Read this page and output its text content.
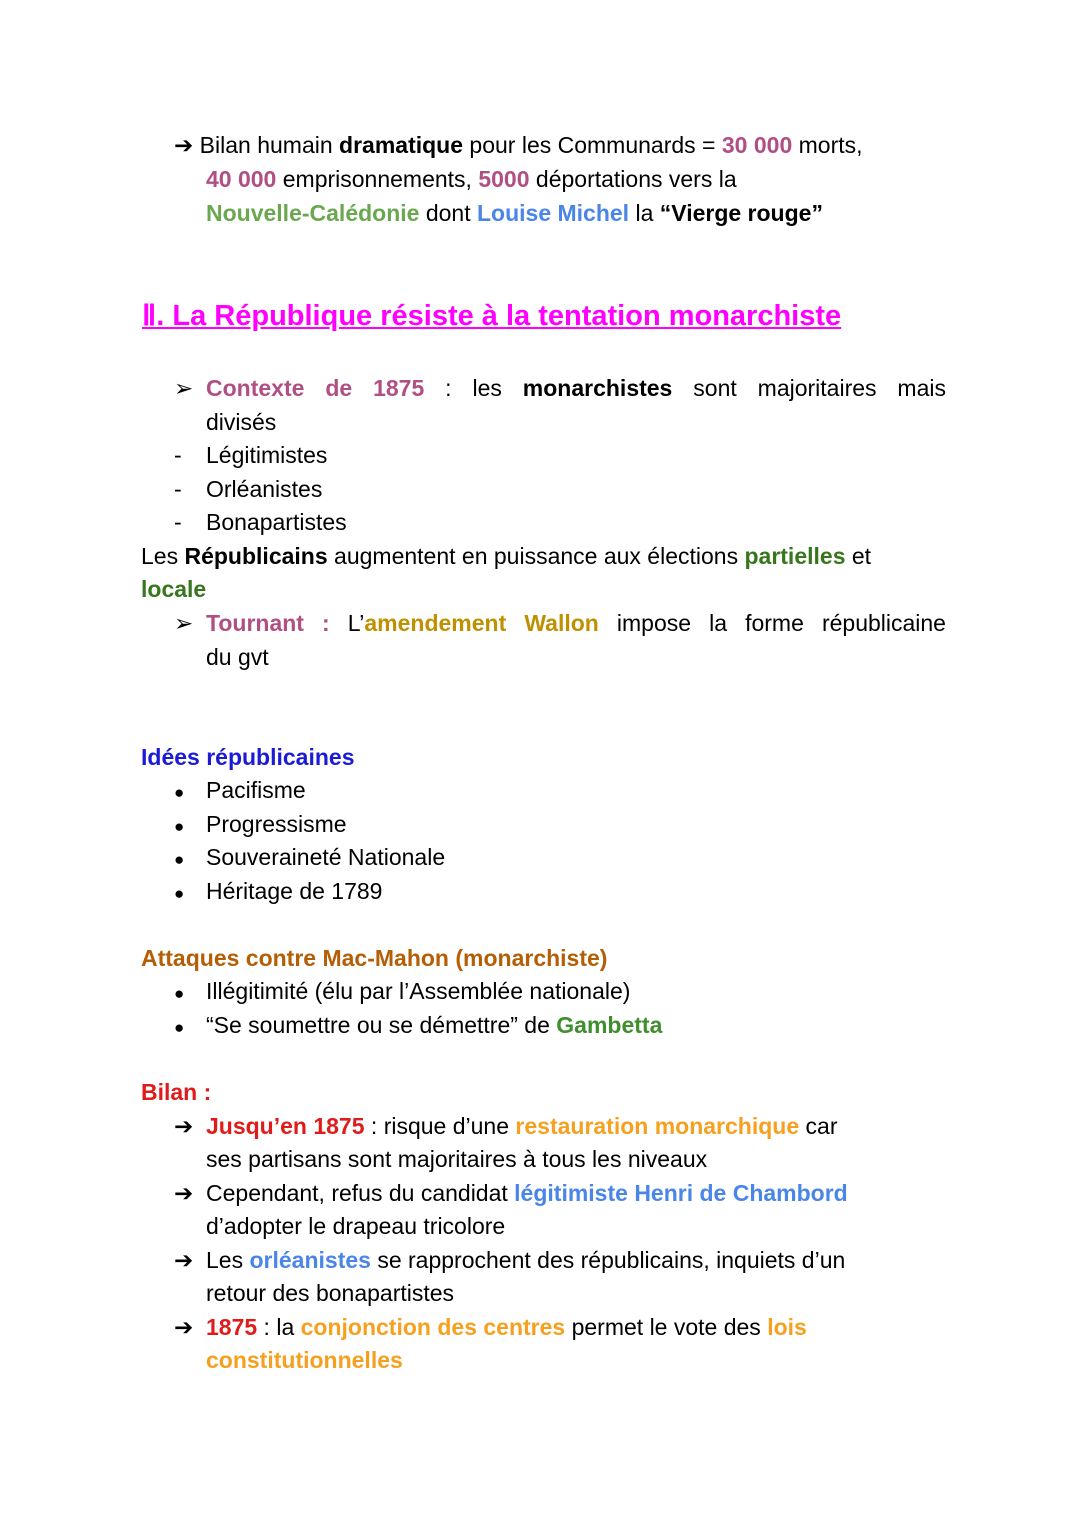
➔ Bilan humain dramatique pour les Communards = 30 000 morts,
40 000 emprisonnements, 5000 déportations vers la
Nouvelle-Calédonie dont Louise Michel la “Vierge rouge”
Ⅱ. La République résiste à la tentation monarchiste
➢ Contexte de 1875 : les monarchistes sont majoritaires mais
divisés
- Légitimistes
- Orléanistes
- Bonapartistes
Les Républicains augmentent en puissance aux élections partielles et
locale
➢ Tournant : L’amendement Wallon impose la forme républicaine
du gvt
Idées républicaines
● Pacifisme
● Progressisme
● Souveraineté Nationale
● Héritage de 1789
Attaques contre Mac-Mahon (monarchiste)
● Illégitimité (élu par l’Assemblée nationale)
● “Se soumettre ou se démettre” de Gambetta
Bilan :
➔ Jusqu’en 1875 : risque d’une restauration monarchique car
ses partisans sont majoritaires à tous les niveaux
➔ Cependant, refus du candidat légitimiste Henri de Chambord
d’adopter le drapeau tricolore
➔ Les orléanistes se rapprochent des républicains, inquiets d’un
retour des bonapartistes
➔ 1875 : la conjonction des centres permet le vote des lois
constitutionnelles
